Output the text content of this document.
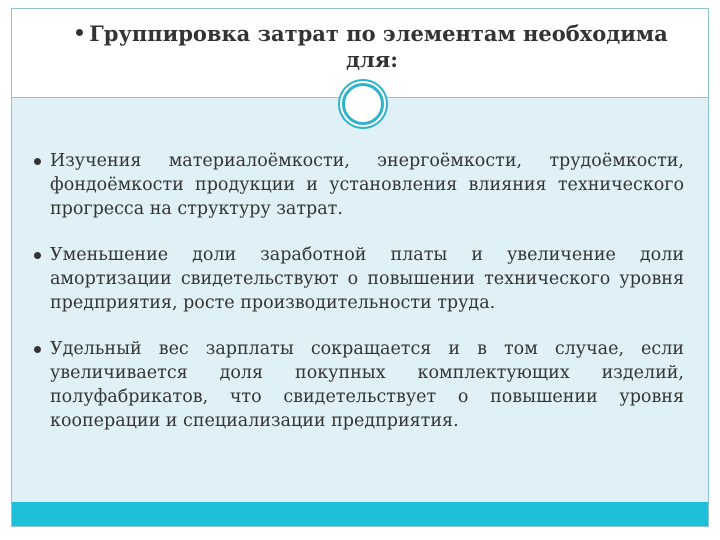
Группировка затрат по элементам необходима для:

Изучения материалоёмкости, энергоёмкости, трудоёмкости, фондоёмкости продукции и установления влияния технического прогресса на структуру затрат.

Уменьшение доли заработной платы и увеличение доли амортизации свидетельствуют о повышении технического уровня предприятия, росте производительности труда.

Удельный вес зарплаты сокращается и в том случае, если увеличивается доля покупных комплектующих изделий, полуфабрикатов, что свидетельствует о повышении уровня кооперации и специализации предприятия.
